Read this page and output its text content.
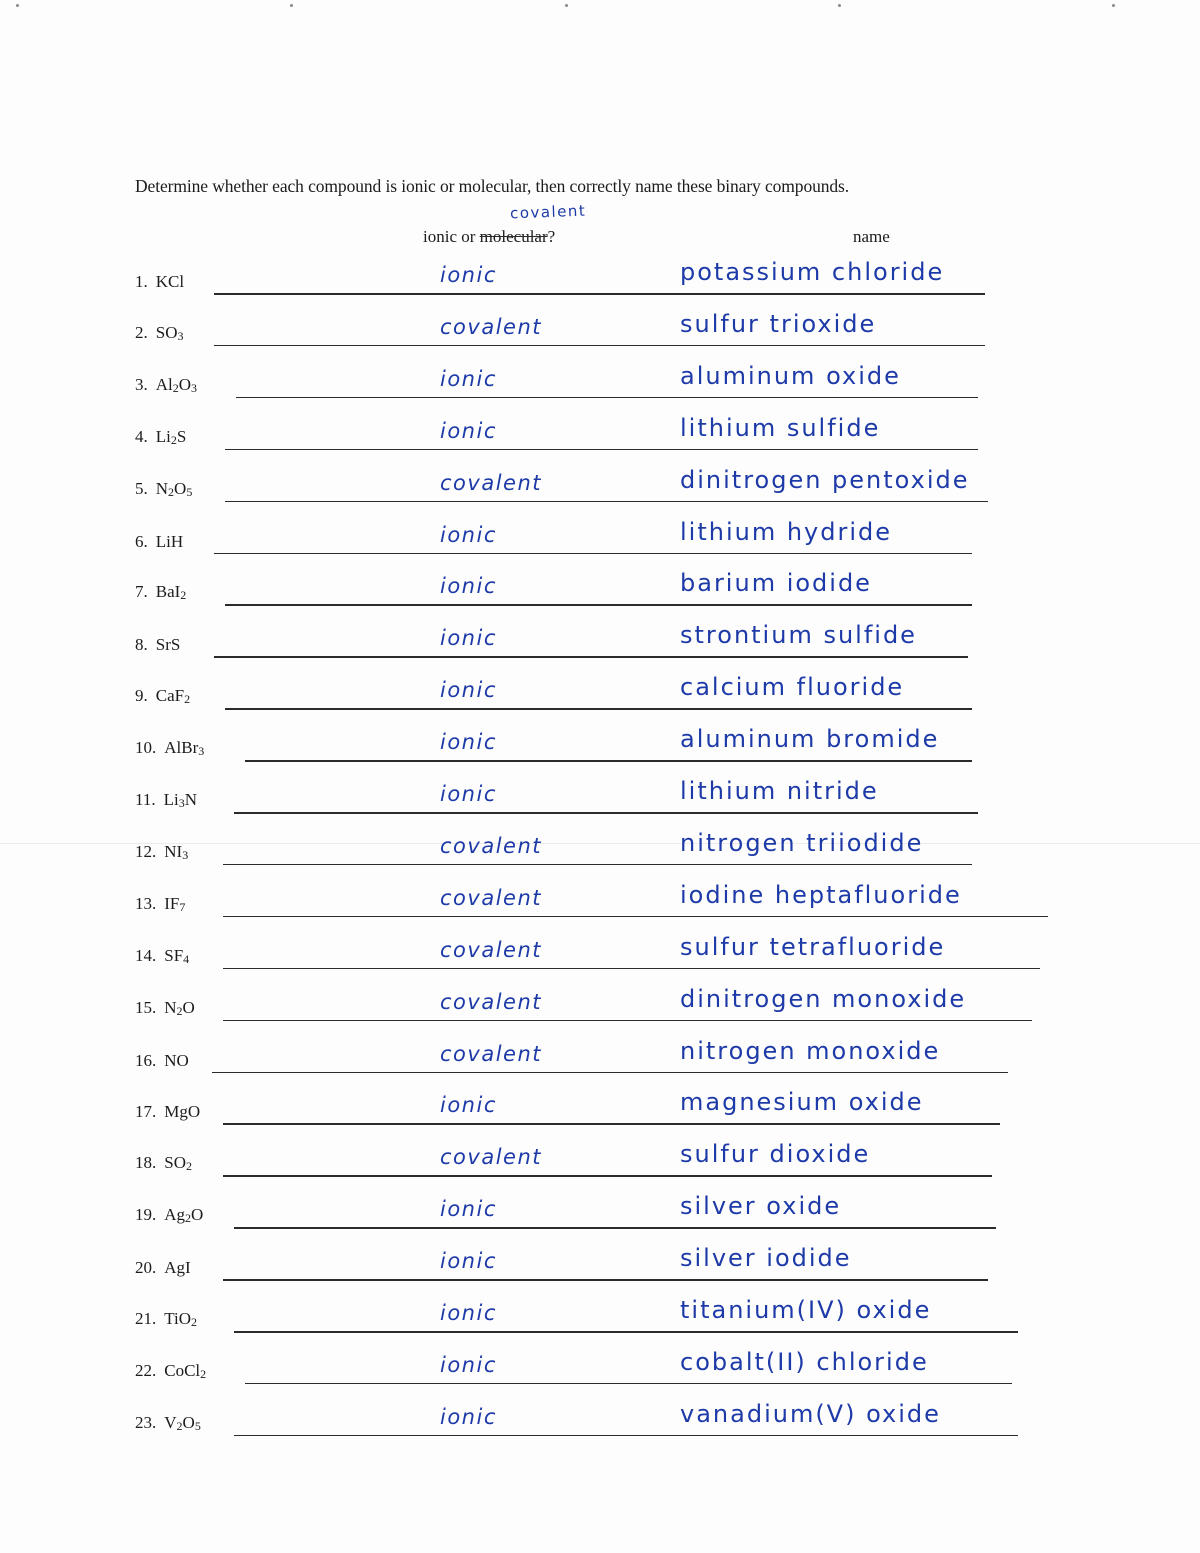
Determine whether each compound is ionic or molecular, then correctly name these binary compounds.
covalent
ionic or molecular?	name
1. KCl	ionic	potassium chloride
2. $SO_3$	covalent	sulfur trioxide
3. $Al_2O_3$	ionic	aluminum oxide
4. $Li_2S$	ionic	lithium sulfide
5. $N_2O_5$	covalent	dinitrogen pentoxide
6. LiH	ionic	lithium hydride
7. BaI$_2$	ionic	barium iodide
8. SrS	ionic	strontium sulfide
9. CaF$_2$	ionic	calcium fluoride
10. AlBr$_3$	ionic	aluminum bromide
11. $Li_3N$	ionic	lithium nitride
12. $NI_3$	covalent	nitrogen triiodide
13. $IF_7$	covalent	iodine heptafluoride
14. $SF_4$	covalent	sulfur tetrafluoride
15. $N_2O$	covalent	dinitrogen monoxide
16. NO	covalent	nitrogen monoxide
17. MgO	ionic	magnesium oxide
18. $SO_2$	covalent	sulfur dioxide
19. $Ag_2O$	ionic	silver oxide
20. AgI	ionic	silver iodide
21. TiO$_2$	ionic	titanium(IV) oxide
22. CoCl$_2$	ionic	cobalt(II) chloride
23. $V_2O_5$	ionic	vanadium(V) oxide
